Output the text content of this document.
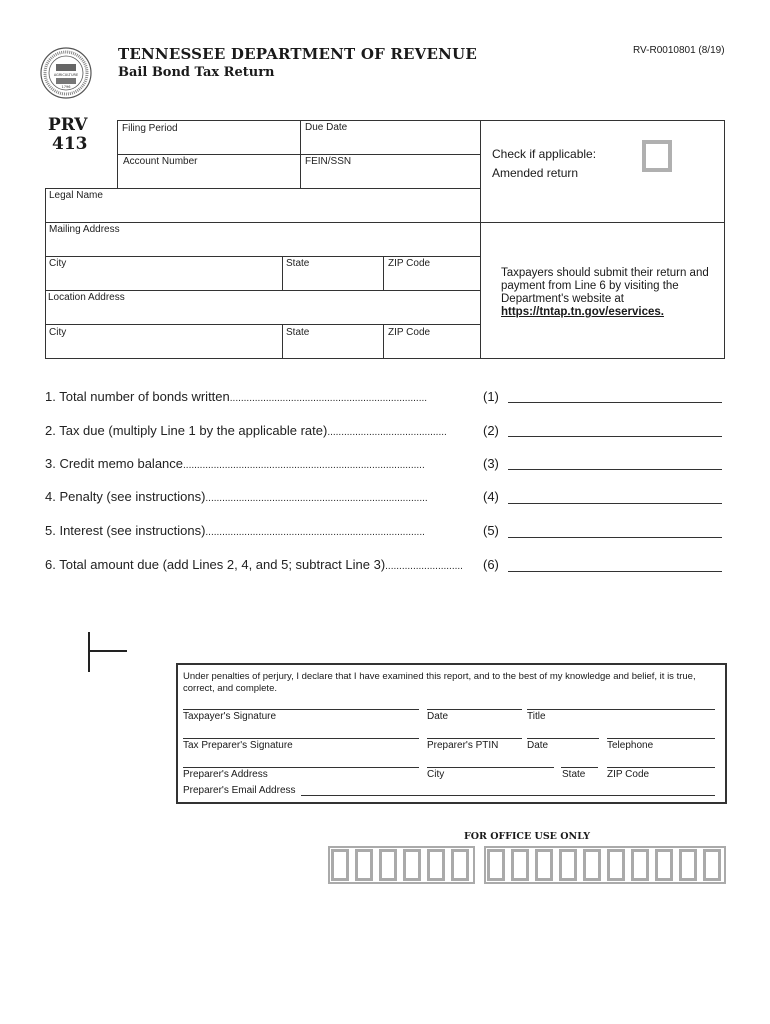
AGRICULTURE
1796
TENNESSEE DEPARTMENT OF REVENUE
Bail Bond Tax Return
RV-R0010801 (8/19)
PRV
413
Filing Period	Due Date
Account Number	FEIN/SSN
Check if applicable:
Amended return
Legal Name
Mailing Address
Taxpayers should submit their return and payment from Line 6 by visiting the Department's website at
https://tntap.tn.gov/eservices.
City	State	ZIP Code
Location Address
City	State	ZIP Code
1. Total number of bonds written.......................................................................	(1)
2. Tax due (multiply Line 1 by the applicable rate)...........................................	(2)
3. Credit memo balance.......................................................................................	(3)
4. Penalty (see instructions)................................................................................	(4)
5. Interest (see instructions)...............................................................................	(5)
6. Total amount due (add Lines 2, 4, and 5; subtract Line 3)............................ (6)
Under penalties of perjury, I declare that I have examined this report, and to the best of my knowledge and belief, it is true, correct, and complete.
Taxpayer's Signature	Date	Title
Tax Preparer's Signature	Preparer's PTIN	Date	Telephone
Preparer's Address	City	State ZIP Code
Preparer's Email Address
FOR OFFICE USE ONLY
